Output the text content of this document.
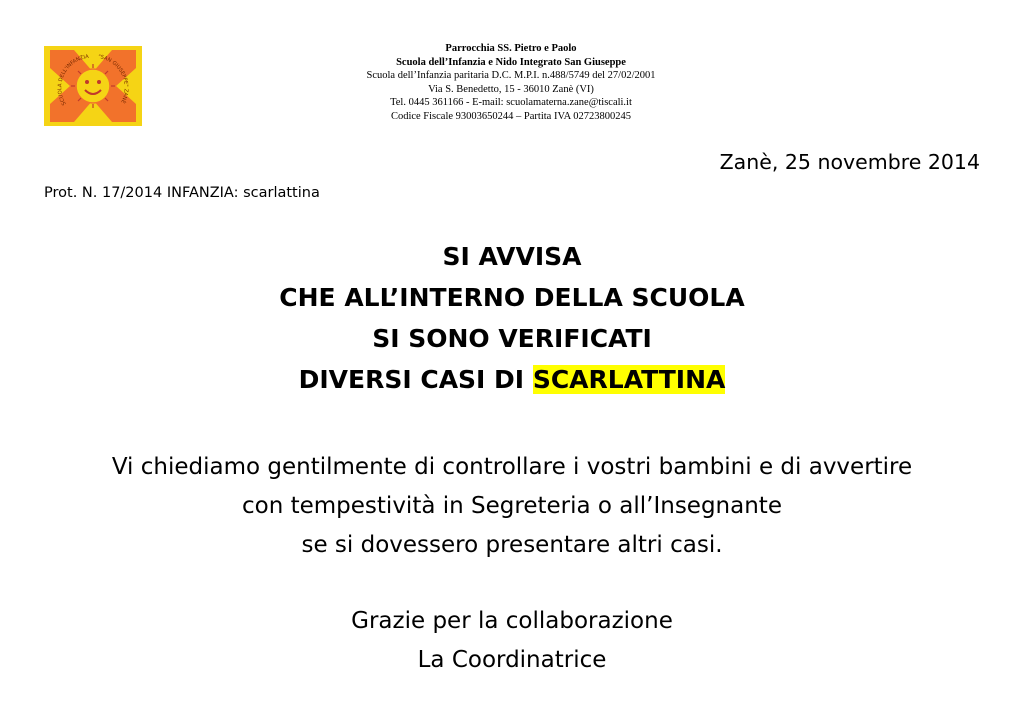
SCUOLA DELL'INFANZIA "SAN GIUSEPPE" ZANÈ
Parrocchia SS. Pietro e Paolo
Scuola dell’Infanzia e Nido Integrato San Giuseppe
Scuola dell’Infanzia paritaria D.C. M.P.I. n.488/5749 del 27/02/2001
Via S. Benedetto, 15 - 36010 Zanè (VI)
Tel. 0445 361166 - E-mail: scuolamaterna.zane@tiscali.it
Codice Fiscale 93003650244 – Partita IVA 02723800245
Zanè, 25 novembre 2014
Prot. N. 17/2014 INFANZIA: scarlattina
SI AVVISA
CHE ALL’INTERNO DELLA SCUOLA
SI SONO VERIFICATI
DIVERSI CASI DI SCARLATTINA
Vi chiediamo gentilmente di controllare i vostri bambini e di avvertire
con tempestività in Segreteria o all’Insegnante
se si dovessero presentare altri casi.
Grazie per la collaborazione
La Coordinatrice
